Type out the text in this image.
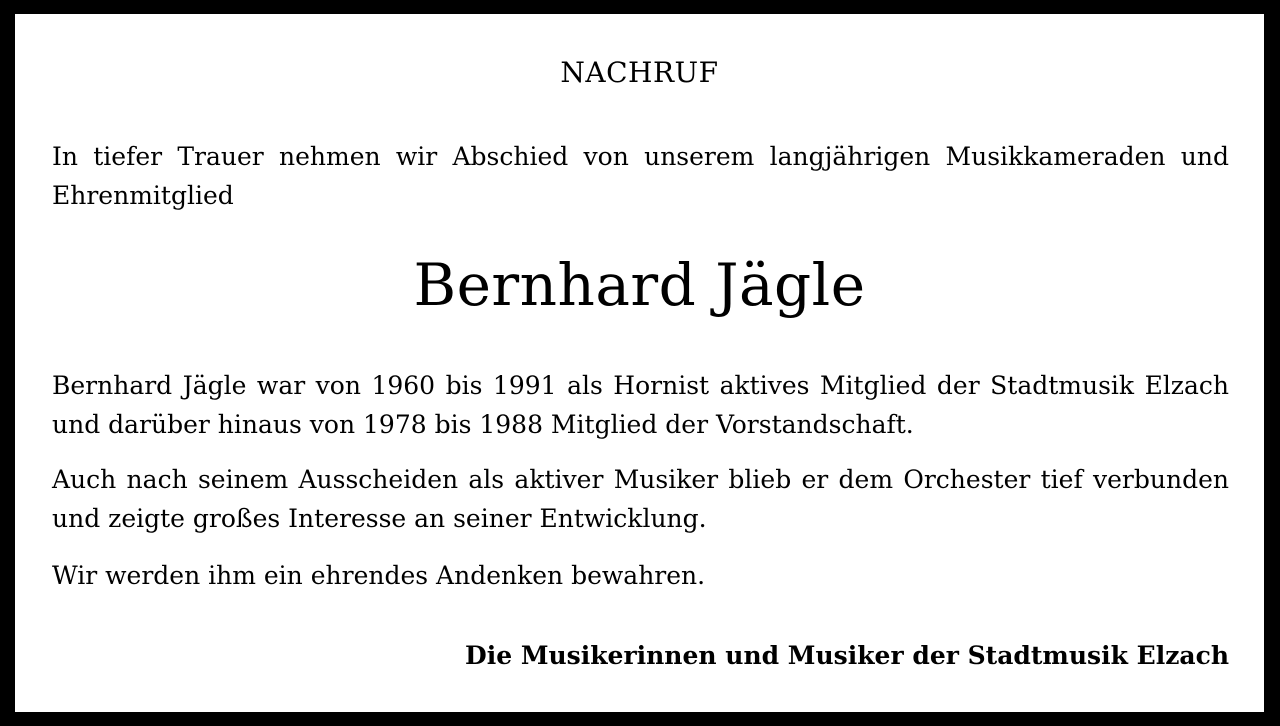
NACHRUF

In tiefer Trauer nehmen wir Abschied von unserem langjährigen Musikkameraden und Ehrenmitglied

Bernhard Jägle

Bernhard Jägle war von 1960 bis 1991 als Hornist aktives Mitglied der Stadtmusik Elzach und darüber hinaus von 1978 bis 1988 Mitglied der Vorstandschaft.

Auch nach seinem Ausscheiden als aktiver Musiker blieb er dem Orchester tief verbunden und zeigte großes Interesse an seiner Entwicklung.

Wir werden ihm ein ehrendes Andenken bewahren.

Die Musikerinnen und Musiker der Stadtmusik Elzach
